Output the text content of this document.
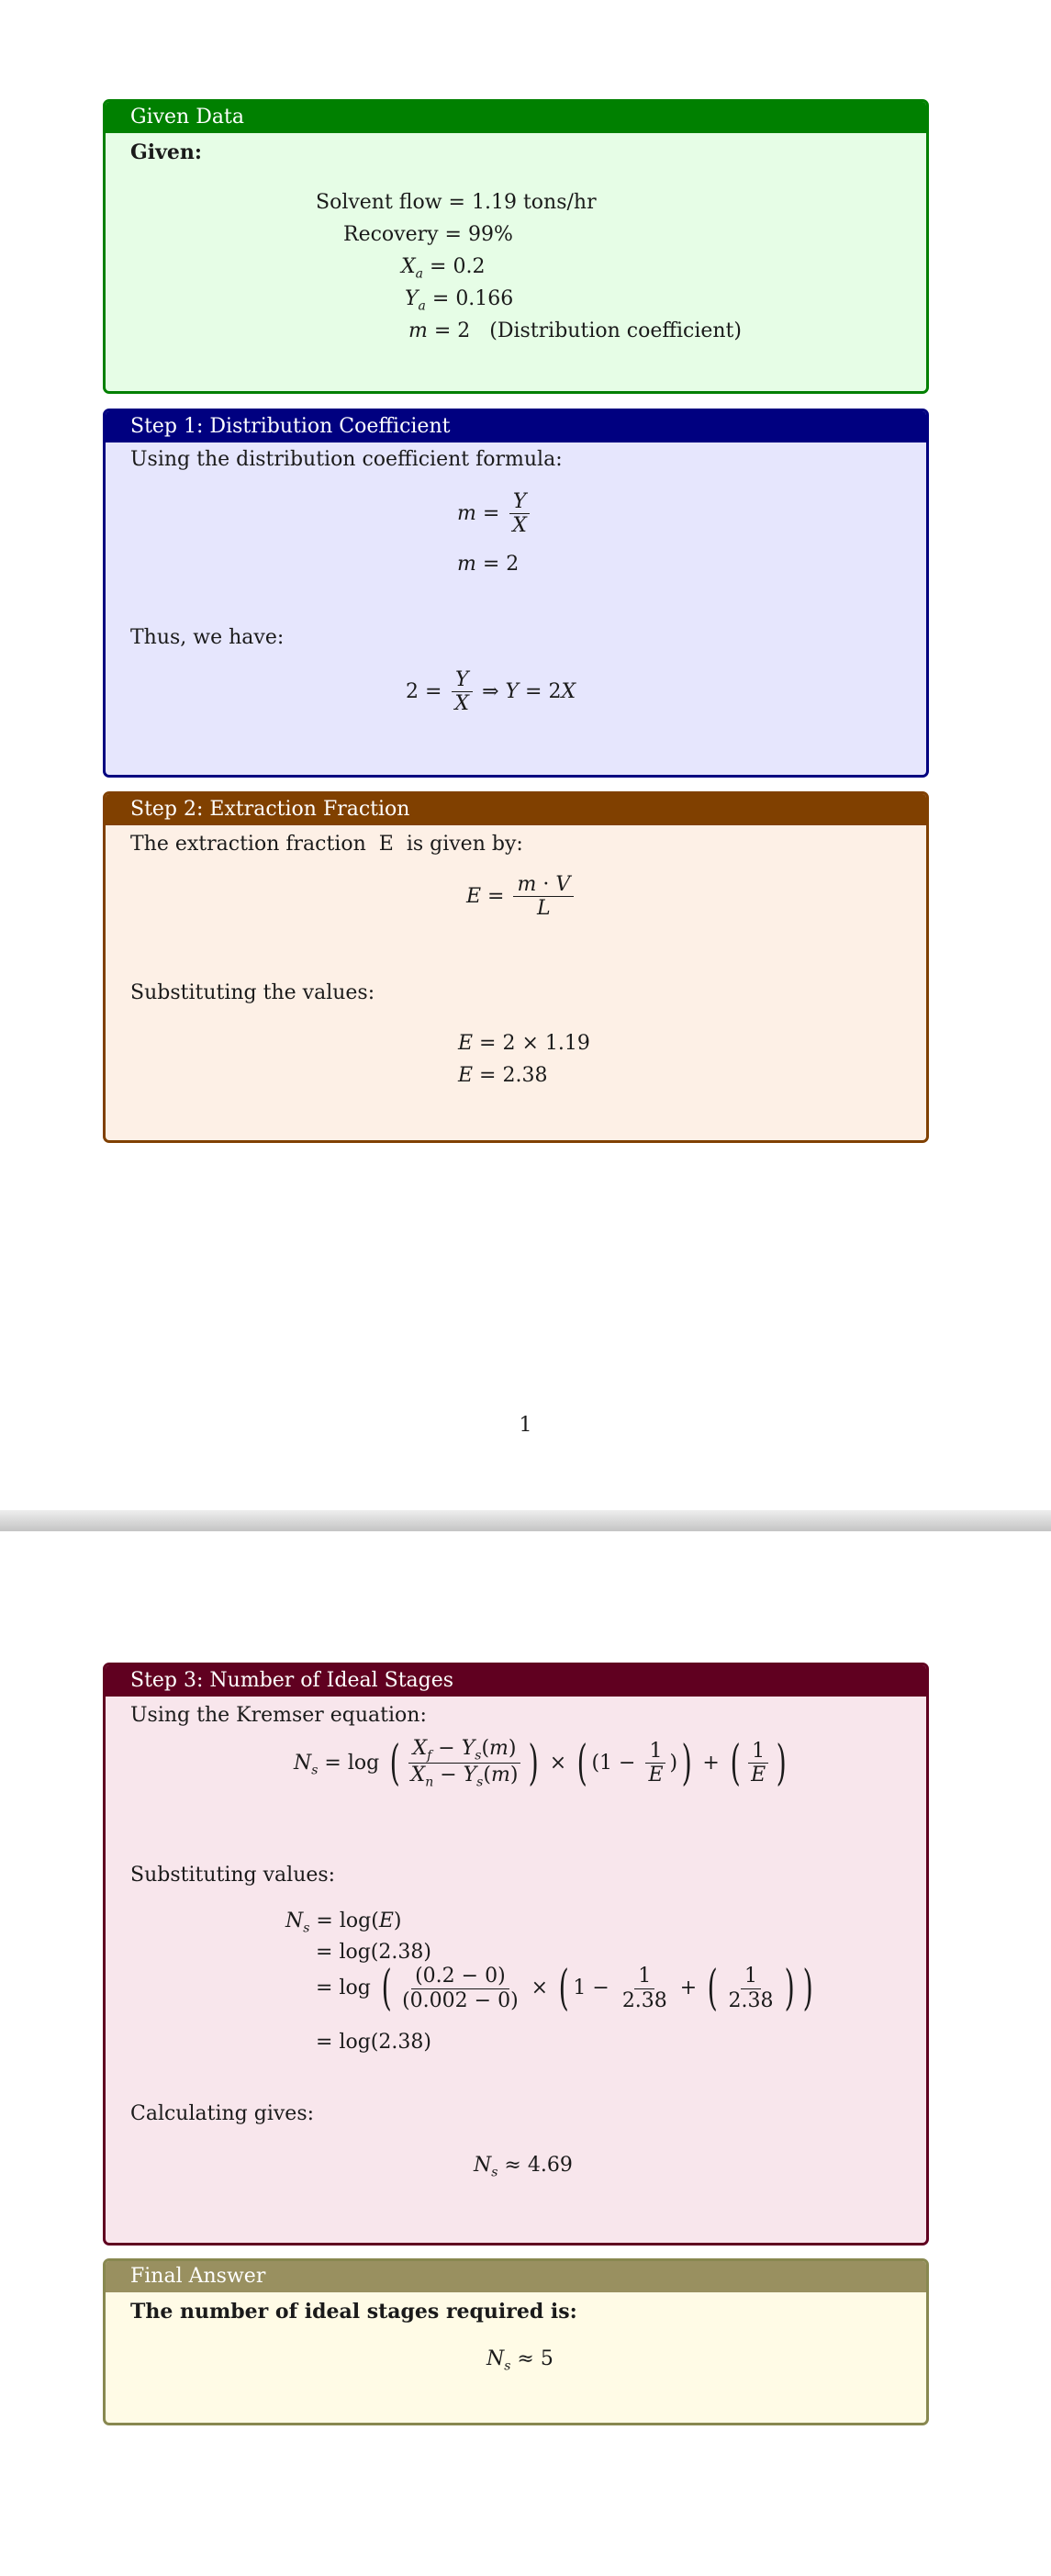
Given Data
Given:
Solvent flow = 1.19 tons/hr
Recovery = 99%
$X_a = 0.2$
$Y_a = 0.166$
m = 2 (Distribution coefficient)
Step 1: Distribution Coefficient
Using the distribution coefficient formula:
$m = \frac{Y}{X}$
m = 2
Thus, we have:
$2 = \frac{Y}{X}$ ⇒ Y = 2X
Step 2: Extraction Fraction
The extraction fraction E is given by:
$E = \frac{m \cdot V}{L}$
Substituting the values:
E = 2 × 1.19
E = 2.38
1
Step 3: Number of Ideal Stages
Using the Kremser equation:
$N_s = \log$ ( $\frac{X_f - Y_s(m)}{X_n - Y_s(m)}$ ) × ( ($1 - \frac{1}{E}$ )) + ( $\frac{1}{E}$ )
Substituting values:
$N_s = \log(E)$
= log(2.38)
= log ( $\frac{(0.2 - 0)}{(0.002 - 0)}$ × ( $1 - \frac{1}{2.38}$ + ( $\frac{1}{2.38}$ ) )
= log(2.38)
Calculating gives:
$N_s \approx 4.69$
Final Answer
The number of ideal stages required is:
$N_s \approx 5$
